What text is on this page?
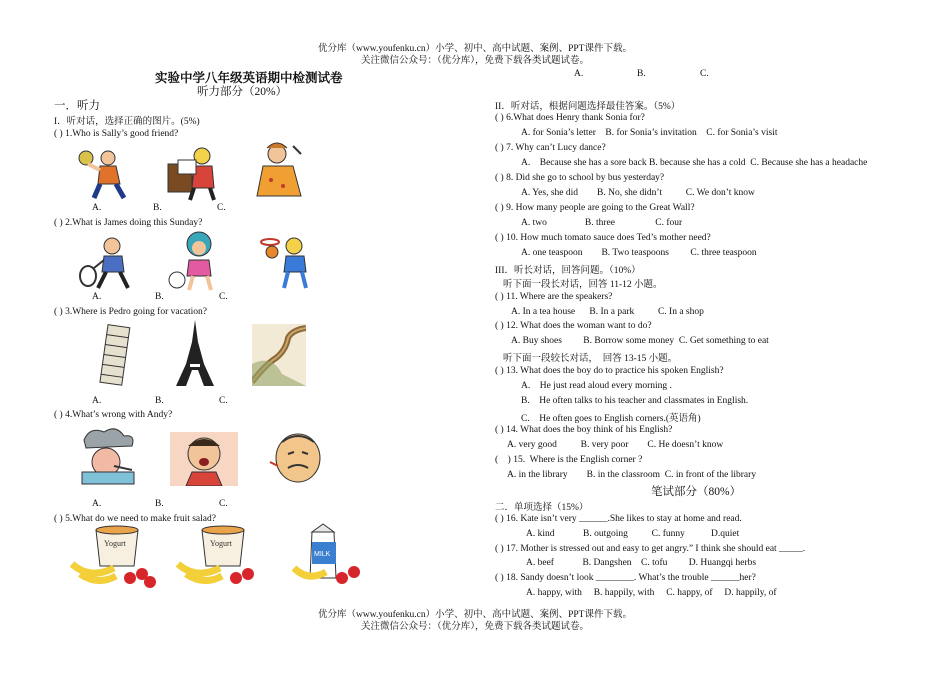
优分库（www.youfenku.cn）小学、初中、高中试题、案例、PPT课件下载。
关注微信公众号：（优分库），免费下载各类试题试卷。
实验中学八年级英语期中检测试卷
听力部分（20%）
一．听力
I．听对话，选择正确的图片。(5%)
( ) 1.Who is Sally’s good friend?
A.	B.	C.
( ) 2.What is James doing this Sunday?
A.	B.	C.
( ) 3.Where is Pedro going for vacation?
A.	B.	C.
( ) 4.What’s wrong with Andy?
A.	B.	C.
( ) 5.What do we need to make fruit salad?
Yogurt	Yogurt
MILK
A.	B.	C.
II．听对话，根据问题选择最佳答案。（5%）
( ) 6.What does Henry thank Sonia for?
A. for Sonia’s letter    B. for Sonia’s invitation    C. for Sonia’s visit
( ) 7. Why can’t Lucy dance?
A.    Because she has a sore back B. because she has a cold  C. Because she has a headache
( ) 8. Did she go to school by bus yesterday?
A. Yes, she did        B. No, she didn’t          C. We don’t know
( ) 9. How many people are going to the Great Wall?
A. two                B. three                 C. four
( ) 10. How much tomato sauce does Ted’s mother need?
A. one teaspoon        B. Two teaspoons         C. three teaspoon
III．听长对话，回答问题。（10%）
听下面一段长对话，回答 11-12 小题。
( ) 11. Where are the speakers?
A. In a tea house      B. In a park          C. In a shop
( ) 12. What does the woman want to do?
A. Buy shoes         B. Borrow some money  C. Get something to eat
听下面一段较长对话，  回答 13-15 小题。
( ) 13. What does the boy do to practice his spoken English?
A.    He just read aloud every morning .
B.    He often talks to his teacher and classmates in English.
C.    He often goes to English corners.(英语角)
( ) 14. What does the boy think of his English?
A. very good          B. very poor        C. He doesn’t know
(    ) 15.  Where is the English corner ?
A. in the library        B. in the classroom  C. in front of the library
笔试部分（80%）
二．单项选择（15%）
( ) 16. Kate isn’t very ______.She likes to stay at home and read.
A. kind            B. outgoing          C. funny           D.quiet
( ) 17. Mother is stressed out and easy to get angry.” I think she should eat _____.
A. beef            B. Dangshen    C. tofu         D. Huangqi herbs
( ) 18. Sandy doesn’t look ________. What’s the trouble ______her?
A. happy, with     B. happily, with     C. happy, of     D. happily, of
优分库（www.youfenku.cn）小学、初中、高中试题、案例、PPT课件下载。
关注微信公众号：（优分库），免费下载各类试题试卷。
